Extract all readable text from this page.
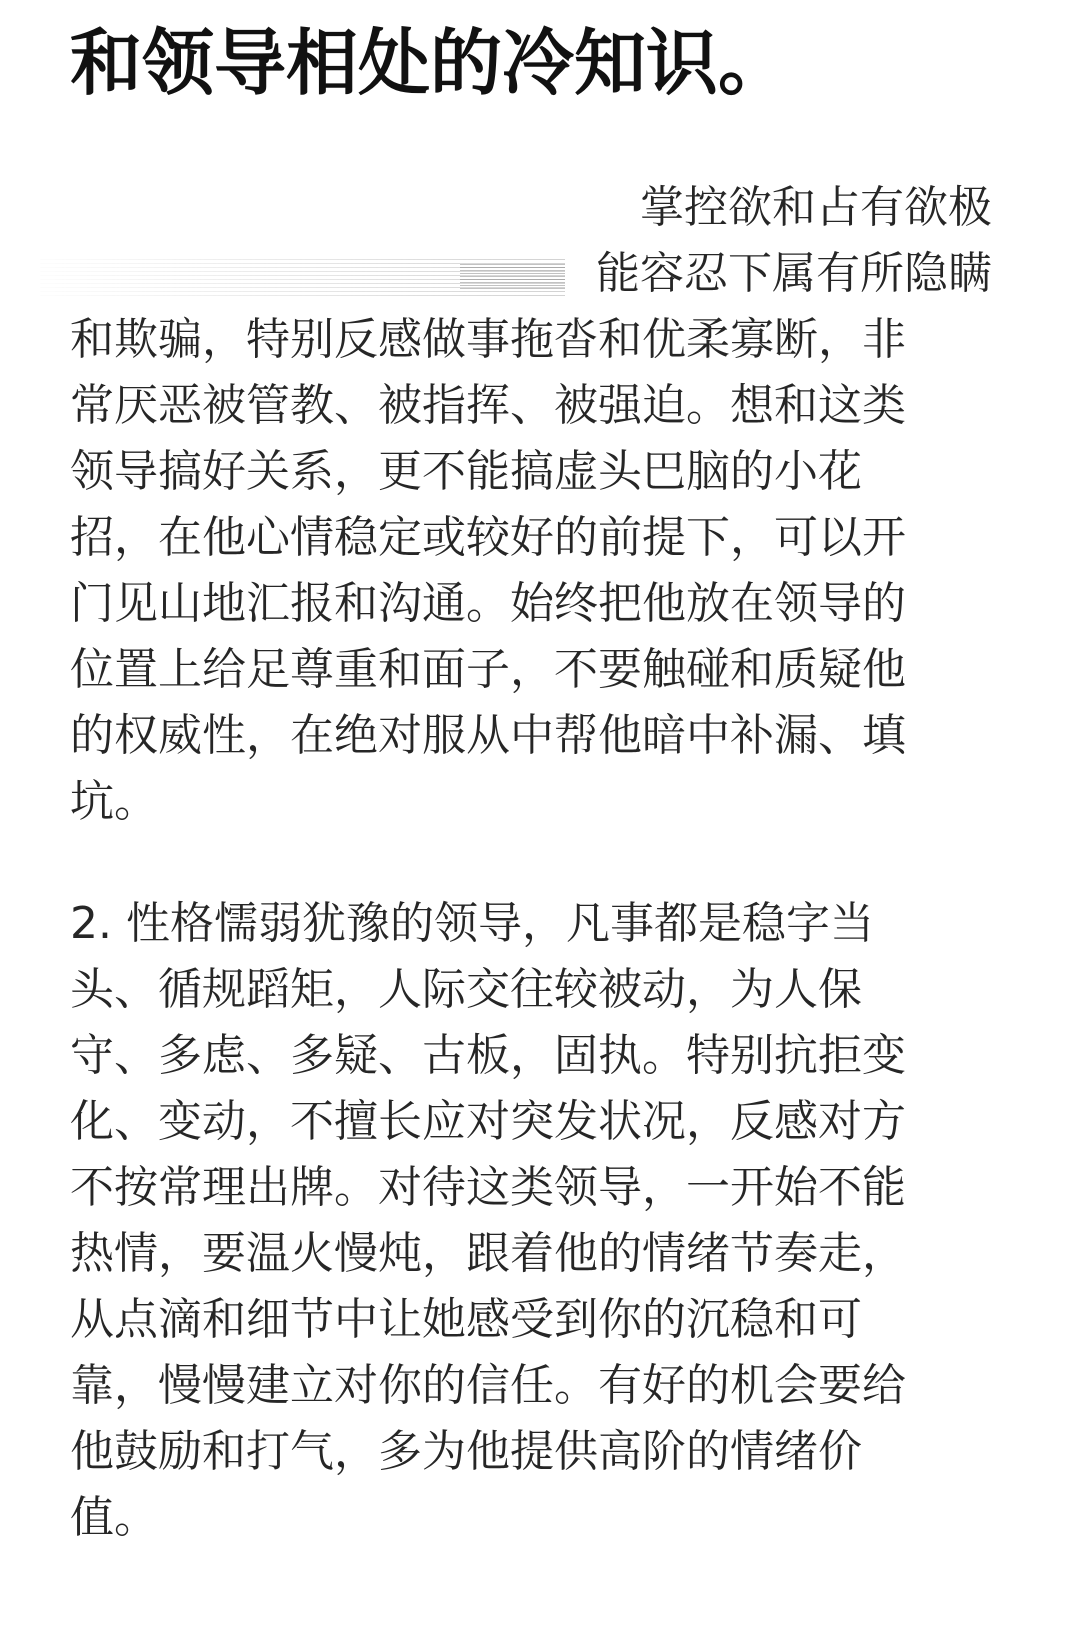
和领导相处的冷知识。
掌控欲和占有欲极
能容忍下属有所隐瞒
和欺骗，特别反感做事拖沓和优柔寡断，非
常厌恶被管教、被指挥、被强迫。想和这类
领导搞好关系，更不能搞虚头巴脑的小花
招，在他心情稳定或较好的前提下，可以开
门见山地汇报和沟通。始终把他放在领导的
位置上给足尊重和面子，不要触碰和质疑他
的权威性，在绝对服从中帮他暗中补漏、填
坑。
2. 性格懦弱犹豫的领导，凡事都是稳字当
头、循规蹈矩，人际交往较被动，为人保
守、多虑、多疑、古板，固执。特别抗拒变
化、变动，不擅长应对突发状况，反感对方
不按常理出牌。对待这类领导，一开始不能
热情，要温火慢炖，跟着他的情绪节奏走，
从点滴和细节中让她感受到你的沉稳和可
靠，慢慢建立对你的信任。有好的机会要给
他鼓励和打气，多为他提供高阶的情绪价
值。
